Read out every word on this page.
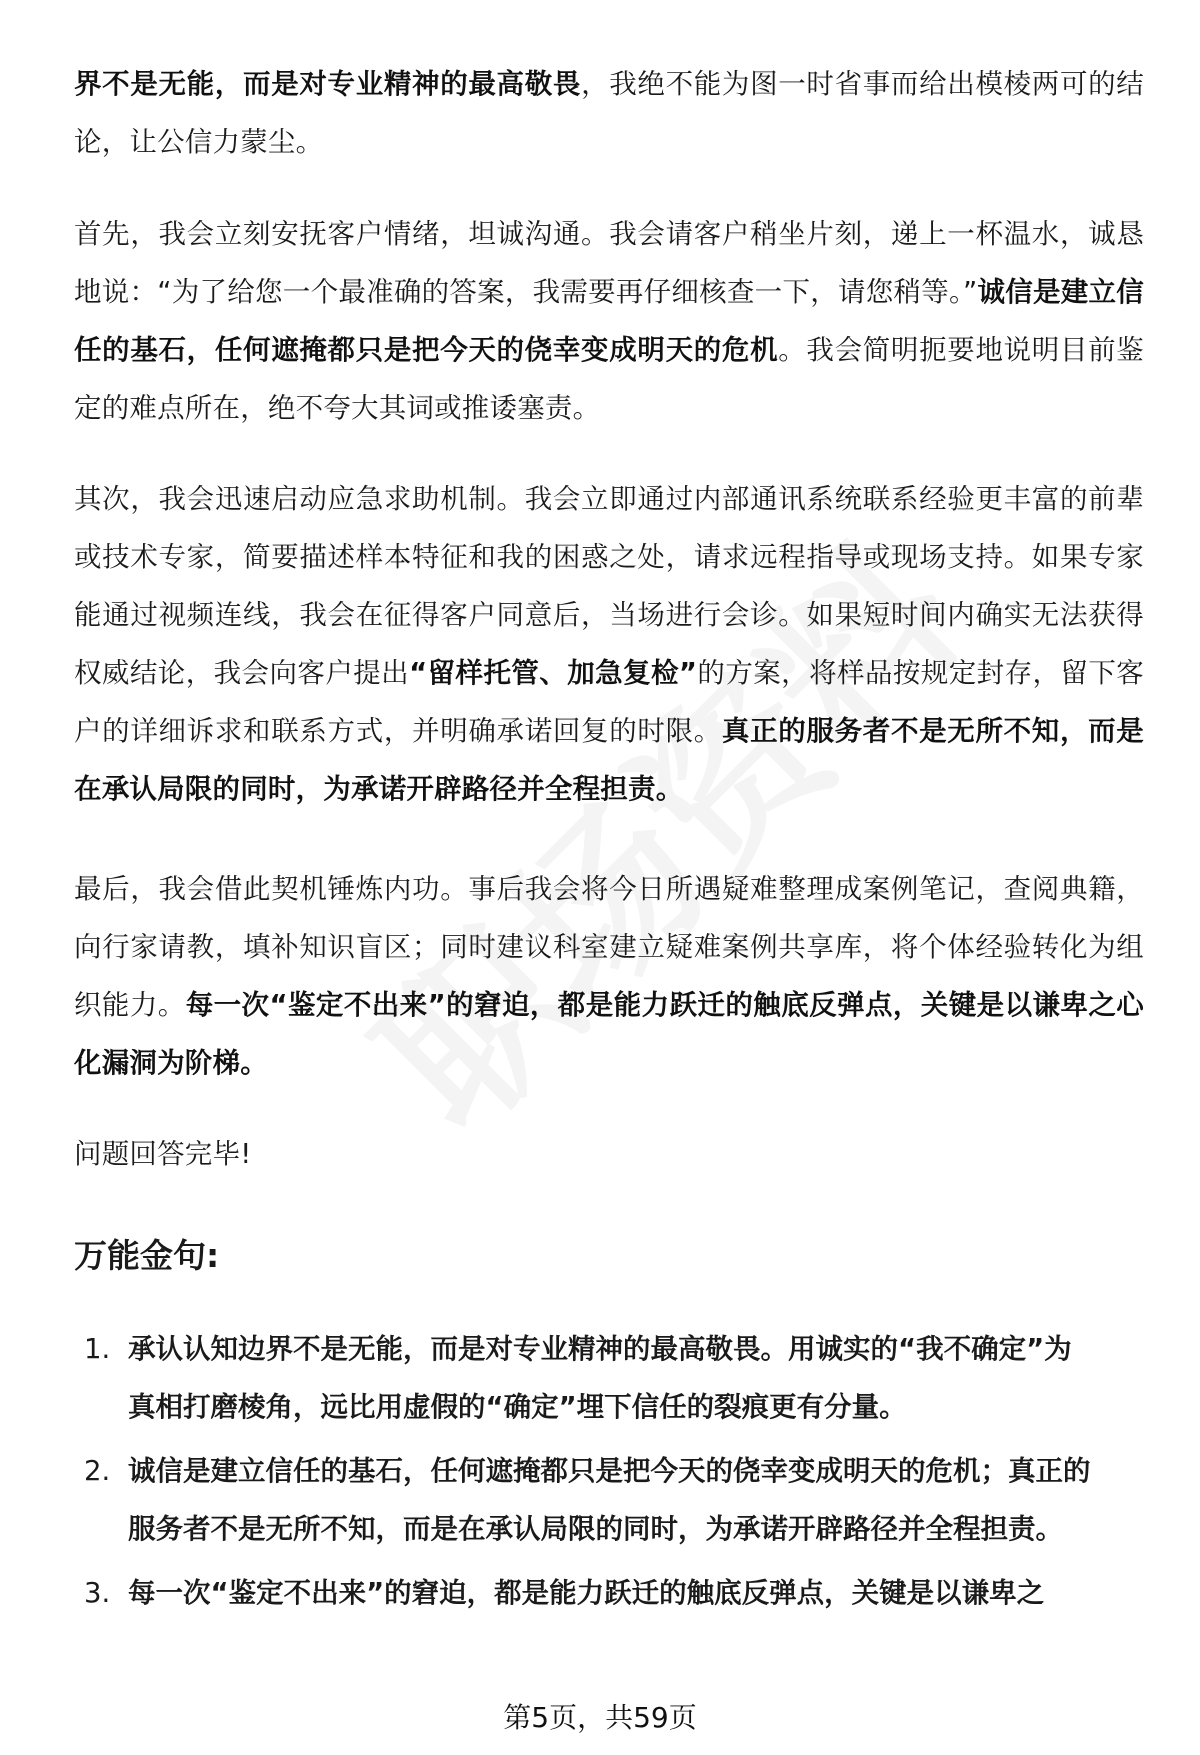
界不是无能，而是对专业精神的最高敬畏，我绝不能为图一时省事而给出模棱两可的结论，让公信力蒙尘。

首先，我会立刻安抚客户情绪，坦诚沟通。我会请客户稍坐片刻，递上一杯温水，诚恳地说：“为了给您一个最准确的答案，我需要再仔细核查一下，请您稍等。”诚信是建立信任的基石，任何遮掩都只是把今天的侥幸变成明天的危机。我会简明扼要地说明目前鉴定的难点所在，绝不夸大其词或推诿塞责。

其次，我会迅速启动应急求助机制。我会立即通过内部通讯系统联系经验更丰富的前辈或技术专家，简要描述样本特征和我的困惑之处，请求远程指导或现场支持。如果专家能通过视频连线，我会在征得客户同意后，当场进行会诊。如果短时间内确实无法获得权威结论，我会向客户提出“留样托管、加急复检”的方案，将样品按规定封存，留下客户的详细诉求和联系方式，并明确承诺回复的时限。真正的服务者不是无所不知，而是在承认局限的同时，为承诺开辟路径并全程担责。

最后，我会借此契机锤炼内功。事后我会将今日所遇疑难整理成案例笔记，查阅典籍，向行家请教，填补知识盲区；同时建议科室建立疑难案例共享库，将个体经验转化为组织能力。每一次“鉴定不出来”的窘迫，都是能力跃迁的触底反弹点，关键是以谦卑之心化漏洞为阶梯。

问题回答完毕!

万能金句:
1. 承认认知边界不是无能，而是对专业精神的最高敬畏。用诚实的“我不确定”为真相打磨棱角，远比用虚假的“确定”埋下信任的裂痕更有分量。
2. 诚信是建立信任的基石，任何遮掩都只是把今天的侥幸变成明天的危机；真正的服务者不是无所不知，而是在承认局限的同时，为承诺开辟路径并全程担责。
3. 每一次“鉴定不出来”的窘迫，都是能力跃迁的触底反弹点，关键是以谦卑之
第5页，共59页
